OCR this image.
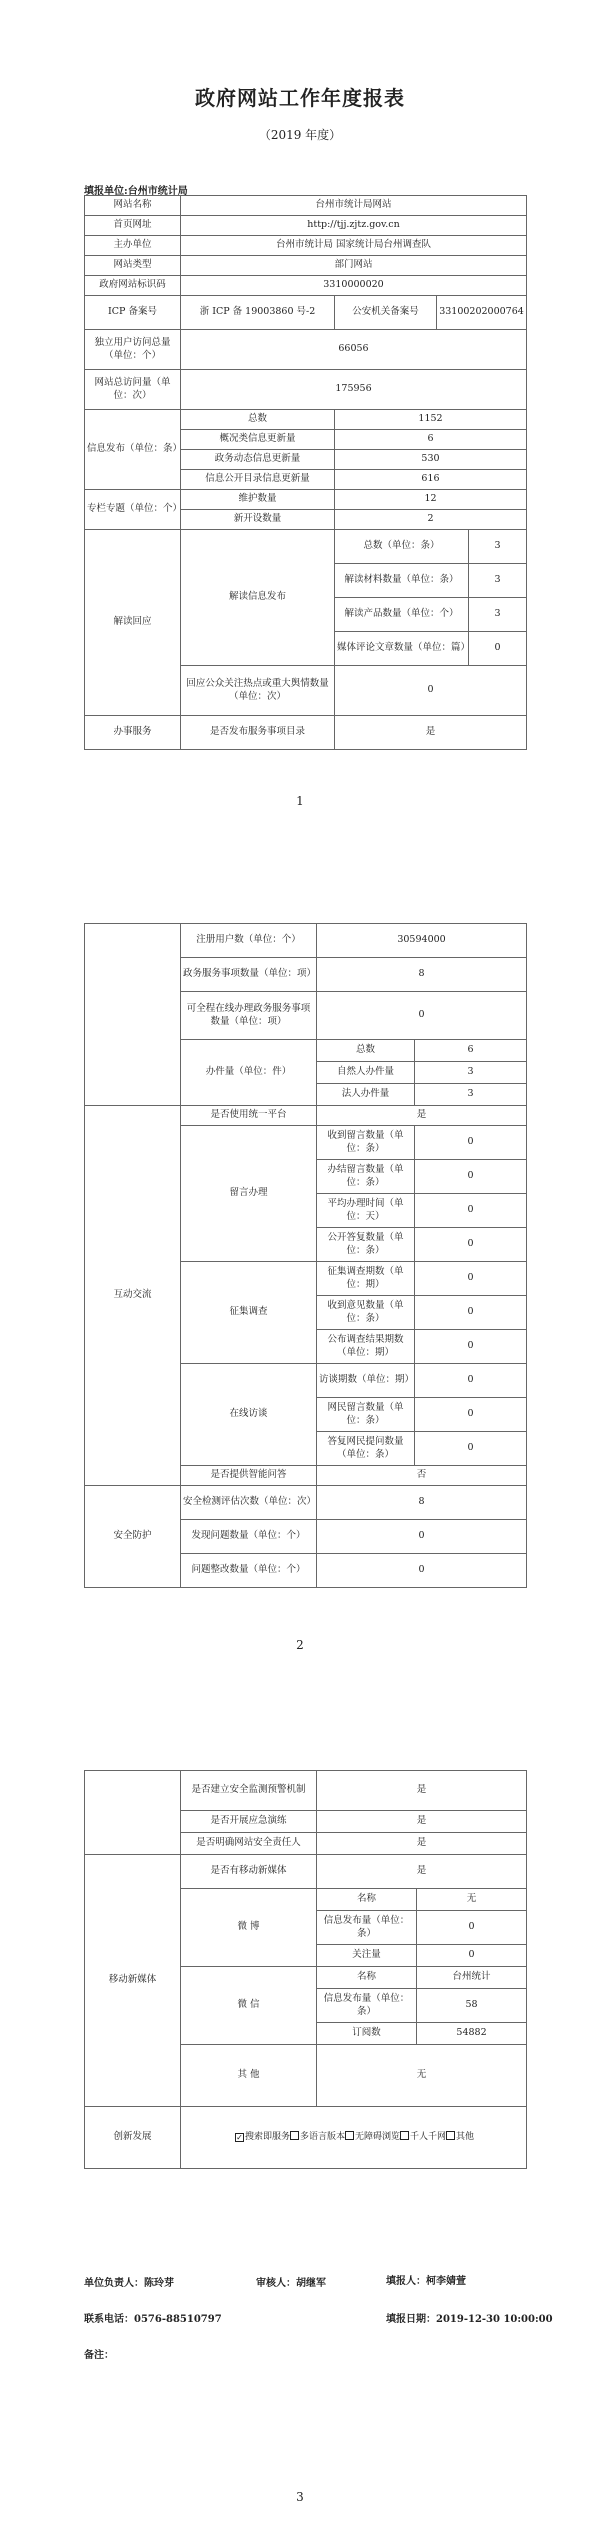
政府网站工作年度报表
（2019 年度）
填报单位:台州市统计局
网站名称	台州市统计局网站			
首页网址	http://tjj.zjtz.gov.cn			
主办单位	台州市统计局 国家统计局台州调查队			
网站类型	部门网站			
政府网站标识码	3310000020			
ICP 备案号	浙 ICP 备 19003860 号-2	公安机关备案号	33100202000764	
独立用户访问总量（单位：个）	66056			
网站总访问量（单位：次）	175956			
信息发布（单位：条）	总数	1152		
	概况类信息更新量	6		
	政务动态信息更新量	530		
	信息公开目录信息更新量	616		
专栏专题（单位：个）	维护数量	12		
	新开设数量	2		
解读回应	解读信息发布	总数（单位：条）		3
		解读材料数量（单位：条）		3
		解读产品数量（单位：个）		3
		媒体评论文章数量（单位：篇）		0
	回应公众关注热点或重大舆情数量（单位：次）	0		
办事服务	是否发布服务事项目录	是		
1
	注册用户数（单位：个）	30594000	
	政务服务事项数量（单位：项）	8	
	可全程在线办理政务服务事项数量（单位：项）	0	
	办件量（单位：件）	总数	6
		自然人办件量	3
		法人办件量	3
互动交流	是否使用统一平台	是	
	留言办理	收到留言数量（单位：条）	0
		办结留言数量（单位：条）	0
		平均办理时间（单位：天）	0
		公开答复数量（单位：条）	0
	征集调查	征集调查期数（单位：期）	0
		收到意见数量（单位：条）	0
		公布调查结果期数（单位：期）	0
	在线访谈	访谈期数（单位：期）	0
		网民留言数量（单位：条）	0
		答复网民提问数量（单位：条）	0
	是否提供智能问答	否	
安全防护	安全检测评估次数（单位：次）	8	
	发现问题数量（单位：个）	0	
	问题整改数量（单位：个）	0	
2
	是否建立安全监测预警机制	是	
	是否开展应急演练	是	
	是否明确网站安全责任人	是	
移动新媒体	是否有移动新媒体	是	
	微 博	名称	无
		信息发布量（单位：条）	0
		关注量	0
	微 信	名称	台州统计
		信息发布量（单位：条）	58
		订阅数	54882
	其 他	无	
创新发展	✓ 搜索即服务 多语言版本 无障碍浏览 千人千网 其他		
单位负责人：陈玲芽	审核人：胡继军	填报人：柯李婧萱
联系电话：0576-88510797	填报日期：2019-12-30 10:00:00
备注：
3
